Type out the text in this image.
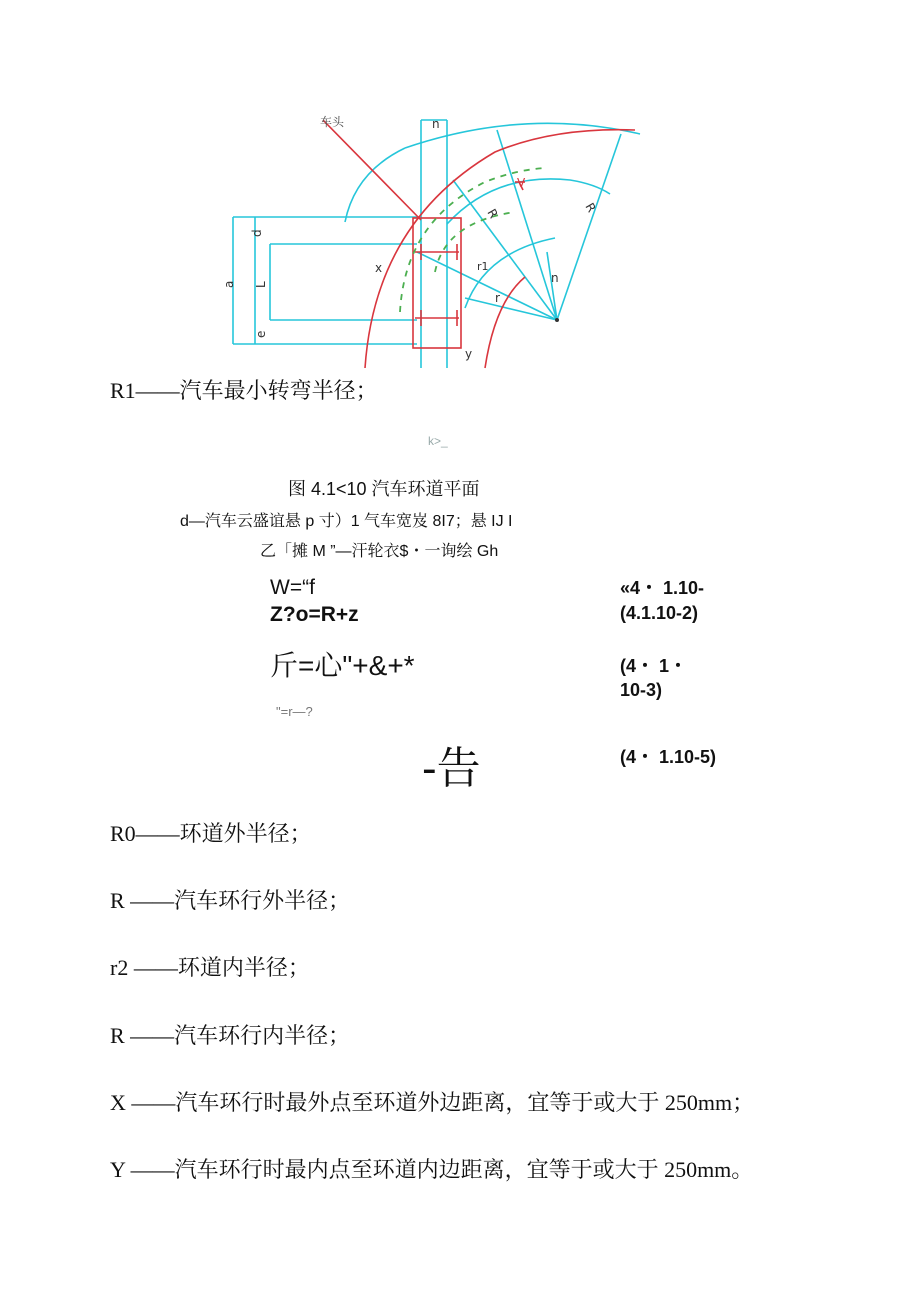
车头	n
R	R
V
d
L
a
e
x	r1
r
n
y
R1——汽车最小转弯半径；
k>_
图 4.1<10 汽车环道平面
d—汽车云盛谊悬 p 寸）1 气车宽岌 8I7；悬 IJ I
乙「摊 M ”—汗轮衣$・一询绘 Gh
W=“f	«4・ 1.10-
Z?o=R+z	(4.1.10-2)
斤=心"+&+*	(4・ 1・
10-3)
"=r—?
-告	(4・ 1.10-5)
R0——环道外半径；
R ——汽车环行外半径；
r2 ——环道内半径；
R ——汽车环行内半径；
X ——汽车环行时最外点至环道外边距离，宜等于或大于 250mm；
Y ——汽车环行时最内点至环道内边距离，宜等于或大于 250mm。
